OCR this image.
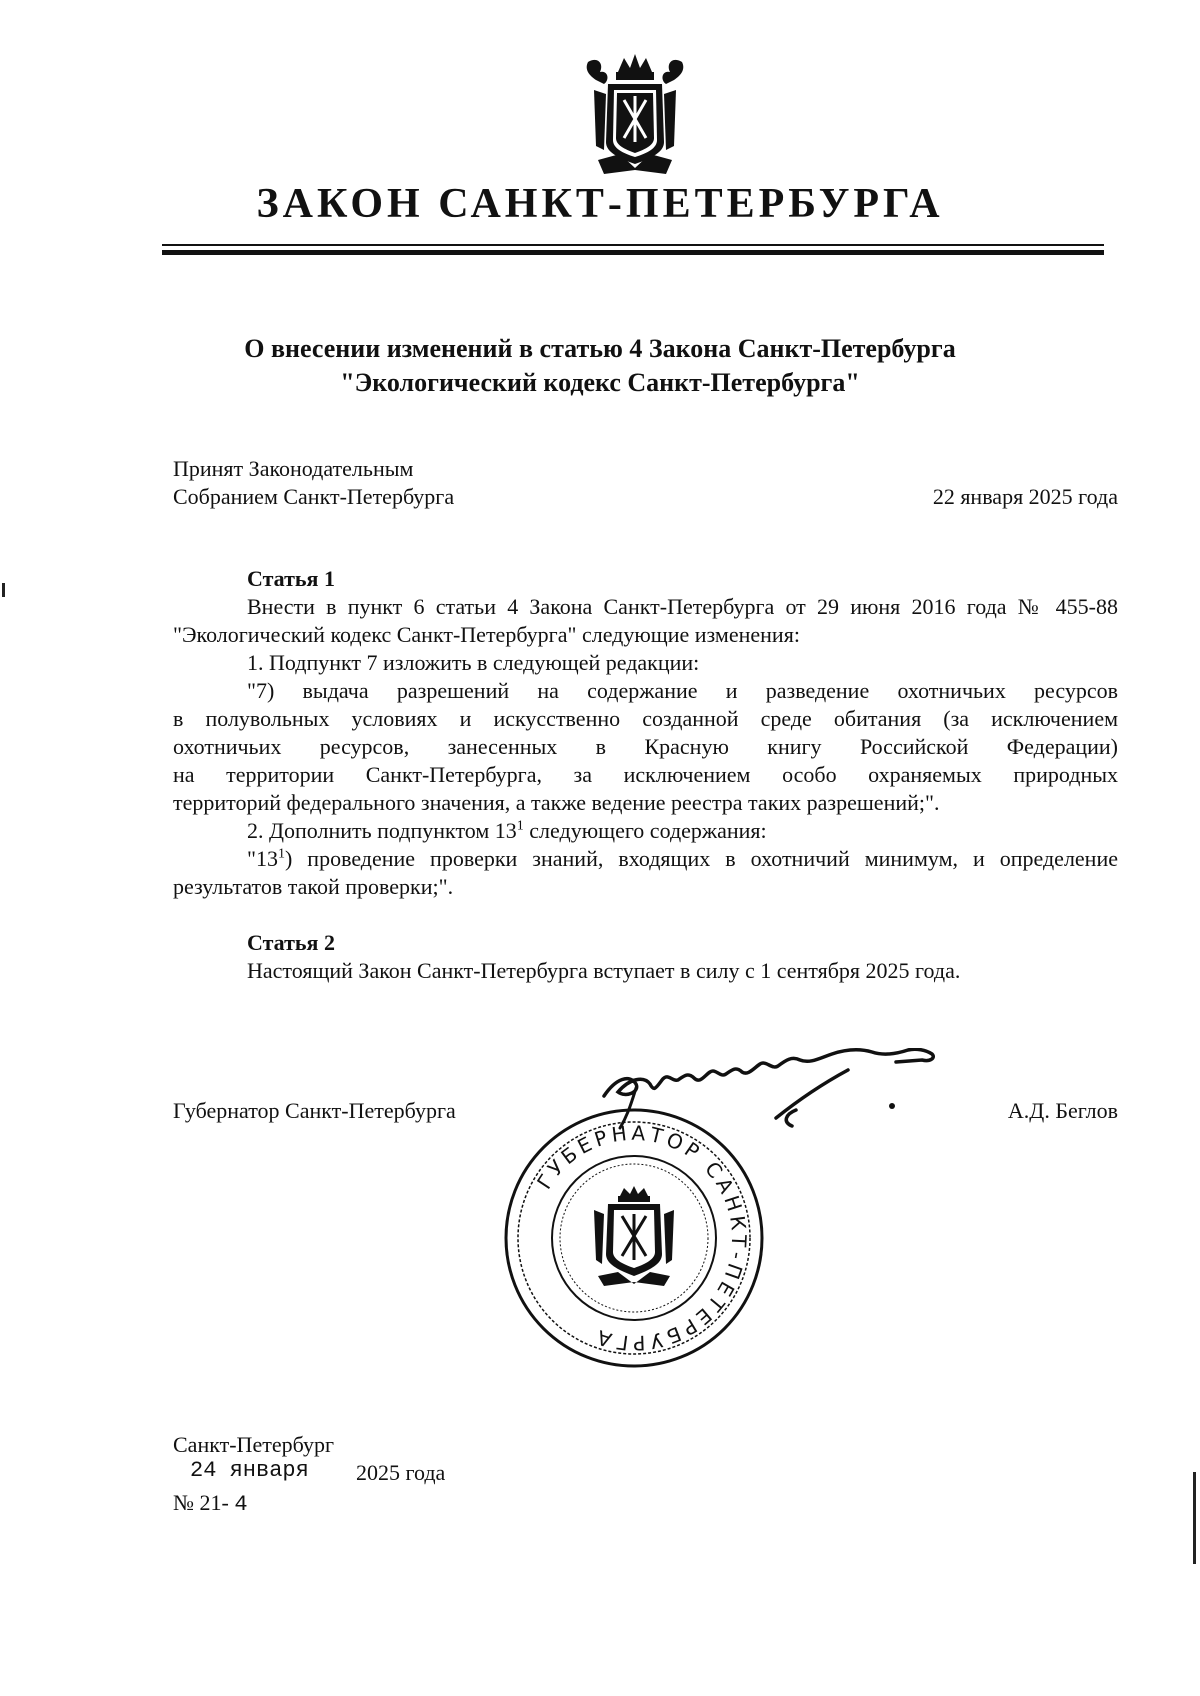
ЗАКОН САНКТ-ПЕТЕРБУРГА
О внесении изменений в статью 4 Закона Санкт-Петербурга
"Экологический кодекс Санкт-Петербурга"
Принят Законодательным
Собранием Санкт-Петербурга	22 января 2025 года
Статья 1
Внести в пункт 6 статьи 4 Закона Санкт-Петербурга от 29 июня 2016 года № 455-88
"Экологический кодекс Санкт-Петербурга" следующие изменения:
1. Подпункт 7 изложить в следующей редакции:
"7) выдача разрешений на содержание и разведение охотничьих ресурсов
в полувольных условиях и искусственно созданной среде обитания (за исключением
охотничьих ресурсов, занесенных в Красную книгу Российской Федерации)
на территории Санкт-Петербурга, за исключением особо охраняемых природных
территорий федерального значения, а также ведение реестра таких разрешений;".
2. Дополнить подпунктом $13^1$ следующего содержания:
"$13^1$) проведение проверки знаний, входящих в охотничий минимум, и определение
результатов такой проверки;".
Статья 2
Настоящий Закон Санкт-Петербурга вступает в силу с 1 сентября 2025 года.
Губернатор Санкт-Петербурга	А.Д. Беглов
ГУБЕРНАТОР САНКТ-ПЕТЕРБУРГА
Санкт-Петербург
24 января 2025 года
№ 21- 4
